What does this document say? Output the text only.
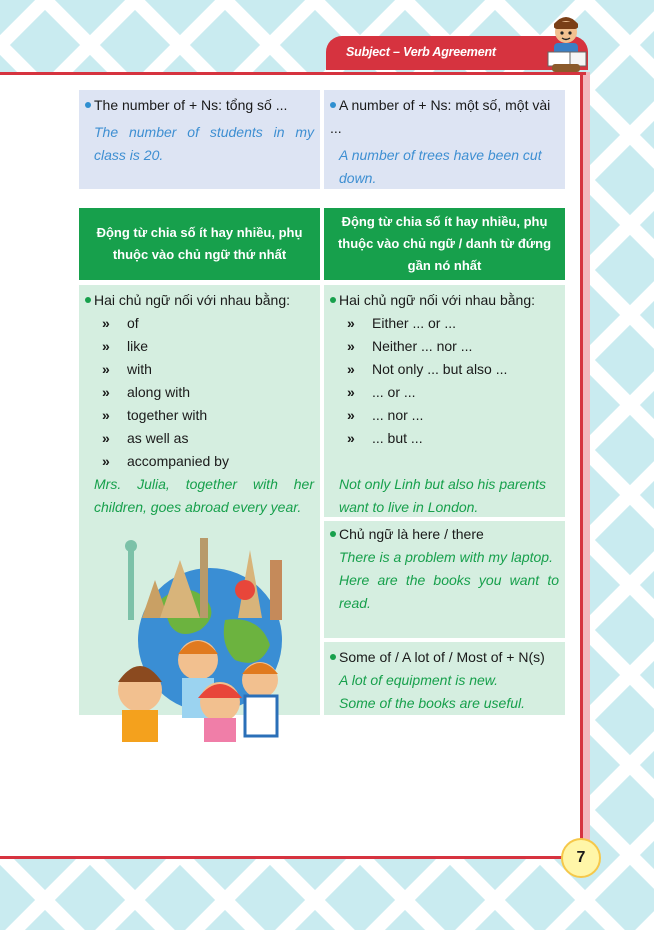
Subject – Verb Agreement
The number of + Ns: tổng số ...
The number of students in my class is 20.
A number of + Ns: một số, một vài ...
A number of trees have been cut down.
Động từ chia số ít hay nhiều, phụ thuộc vào chủ ngữ thứ nhất
Động từ chia số ít hay nhiều, phụ thuộc vào chủ ngữ / danh từ đứng gần nó nhất
Hai chủ ngữ nối với nhau bằng:
» of
» like
» with
» along with
» together with
» as well as
» accompanied by
Mrs. Julia, together with her children, goes abroad every year.
Hai chủ ngữ nối với nhau bằng:
» Either ... or ...
» Neither ... nor ...
» Not only ... but also ...
» ... or ...
» ... nor ...
» ... but ...
Not only Linh but also his parents want to live in London.
Chủ ngữ là here / there
There is a problem with my laptop.
Here are the books you want to read.
Some of / A lot of / Most of + N(s)
A lot of equipment is new.
Some of the books are useful.
7
